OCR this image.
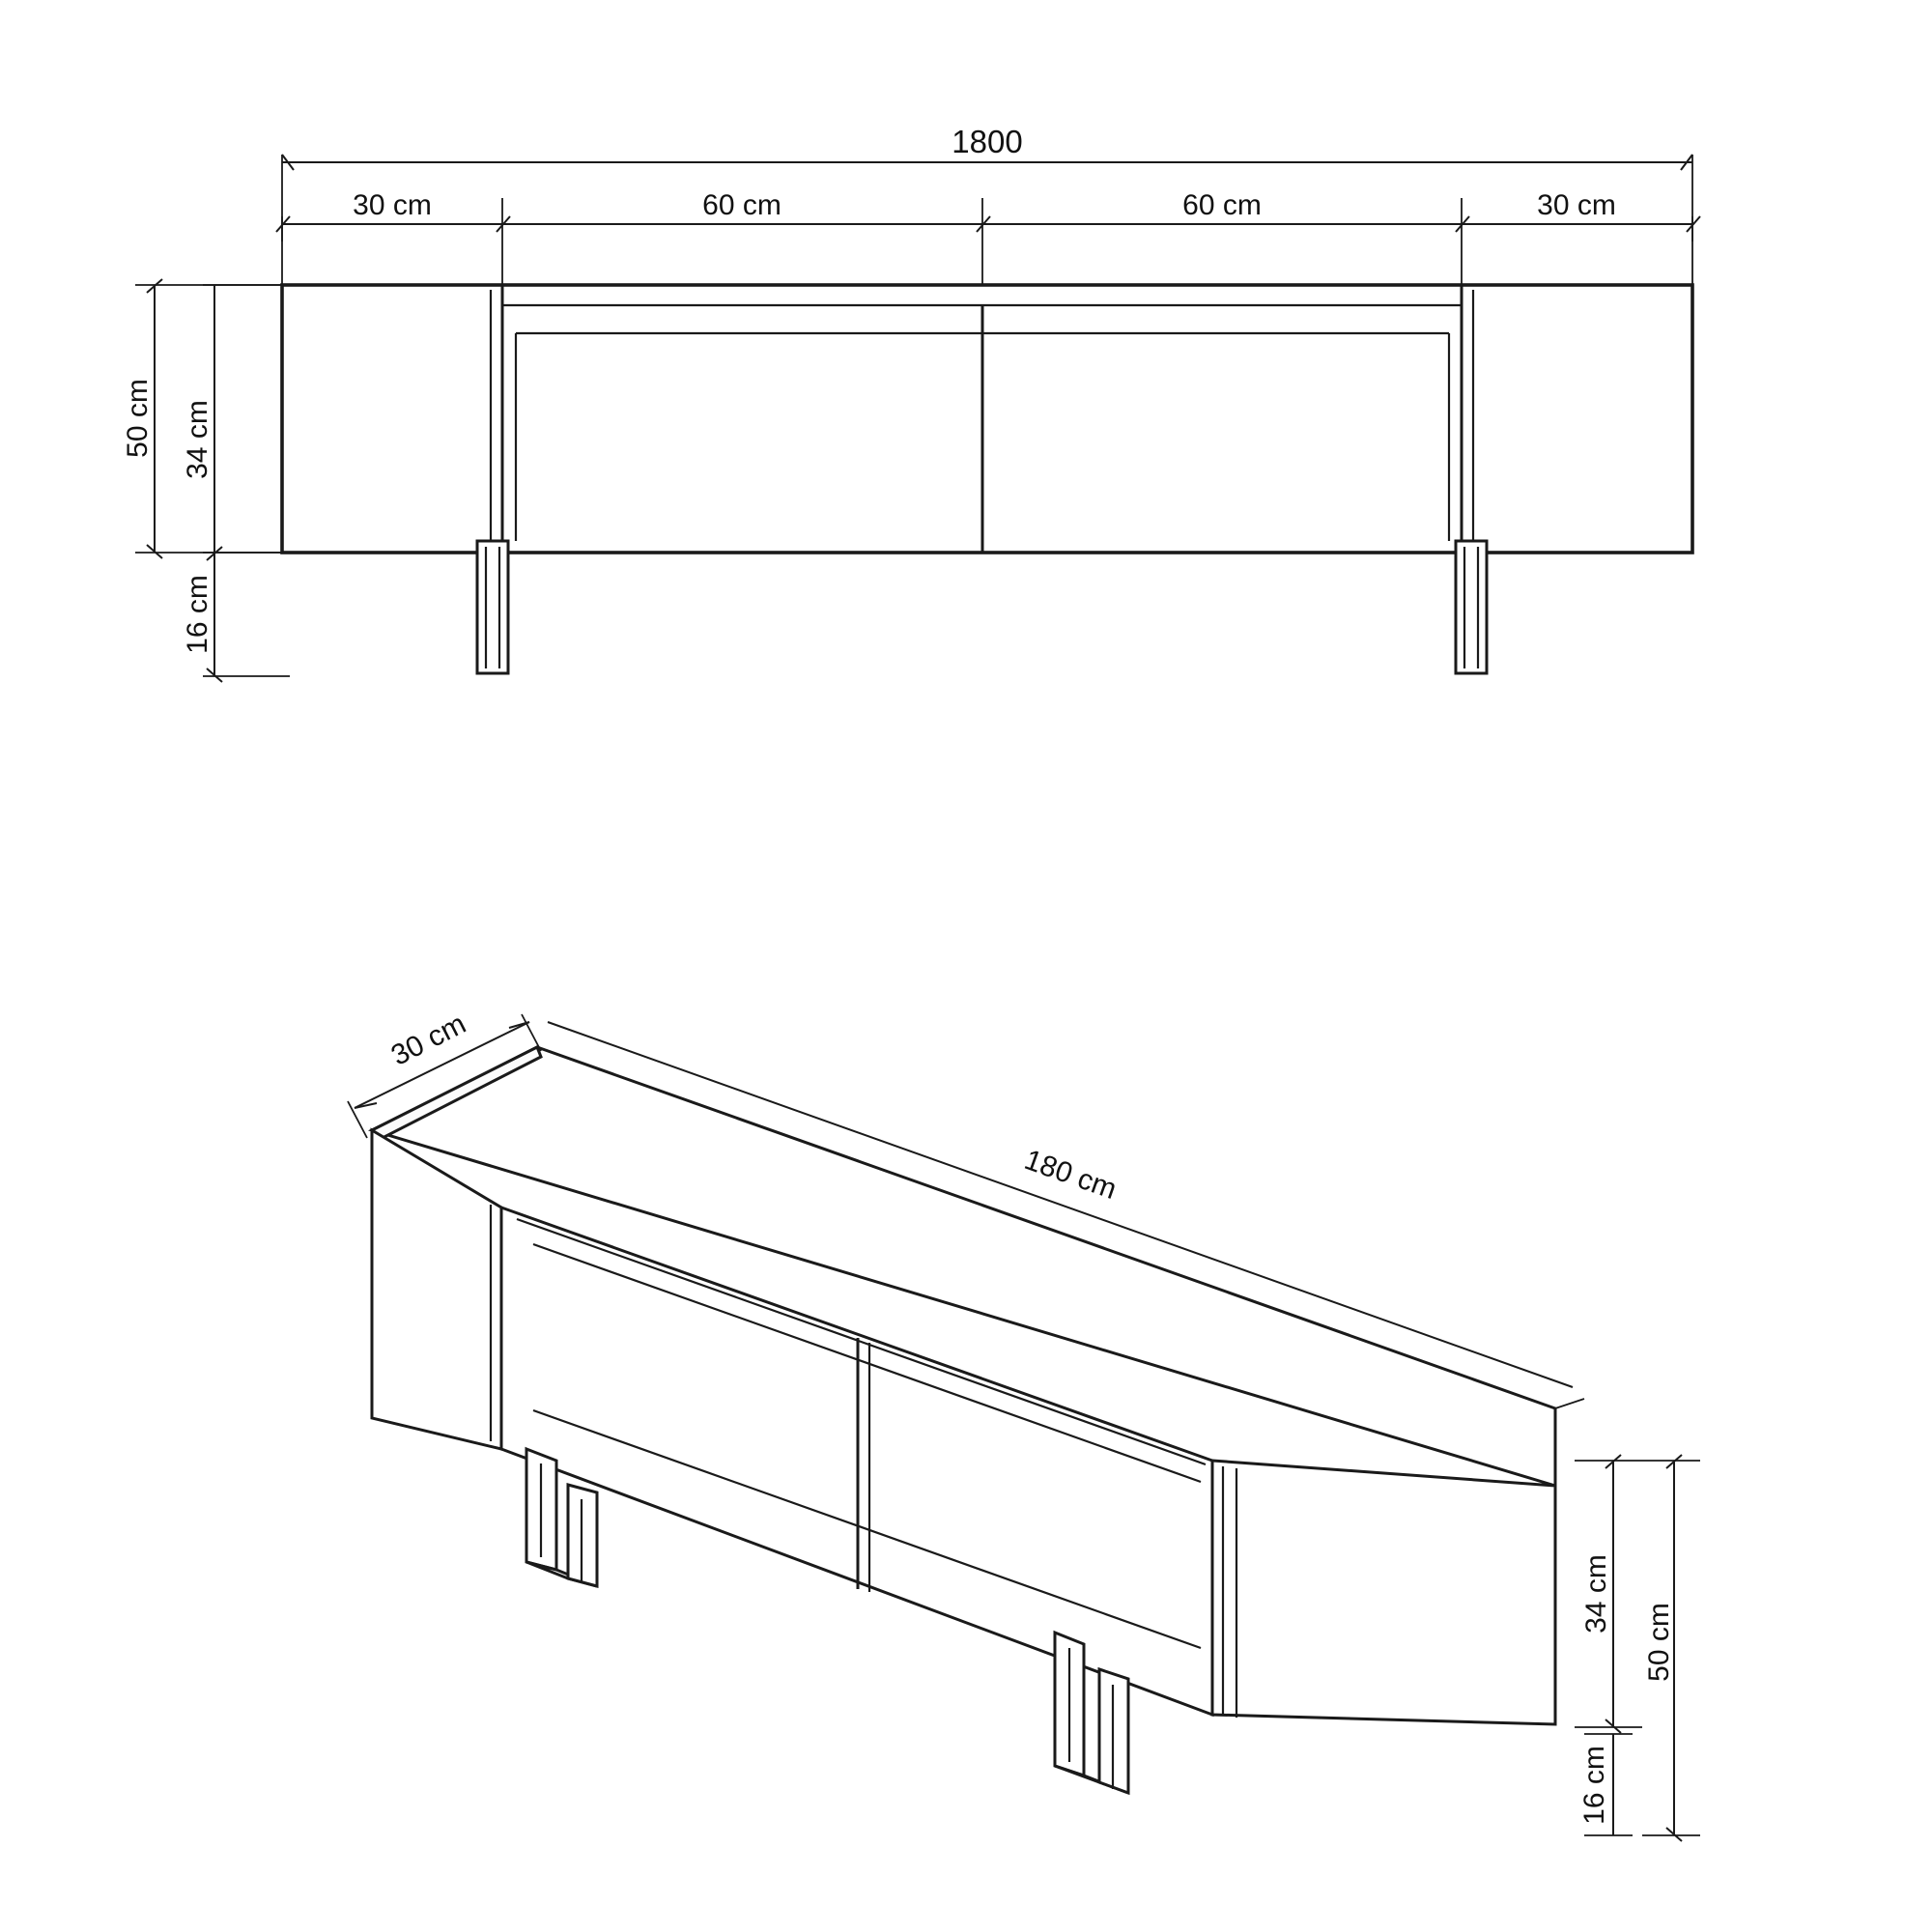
1800
30 cm	60 cm	60 cm	30 cm
50 cm 34 cm
16 cm
30 cm
180 cm
34 cm
50 cm
16 cm
